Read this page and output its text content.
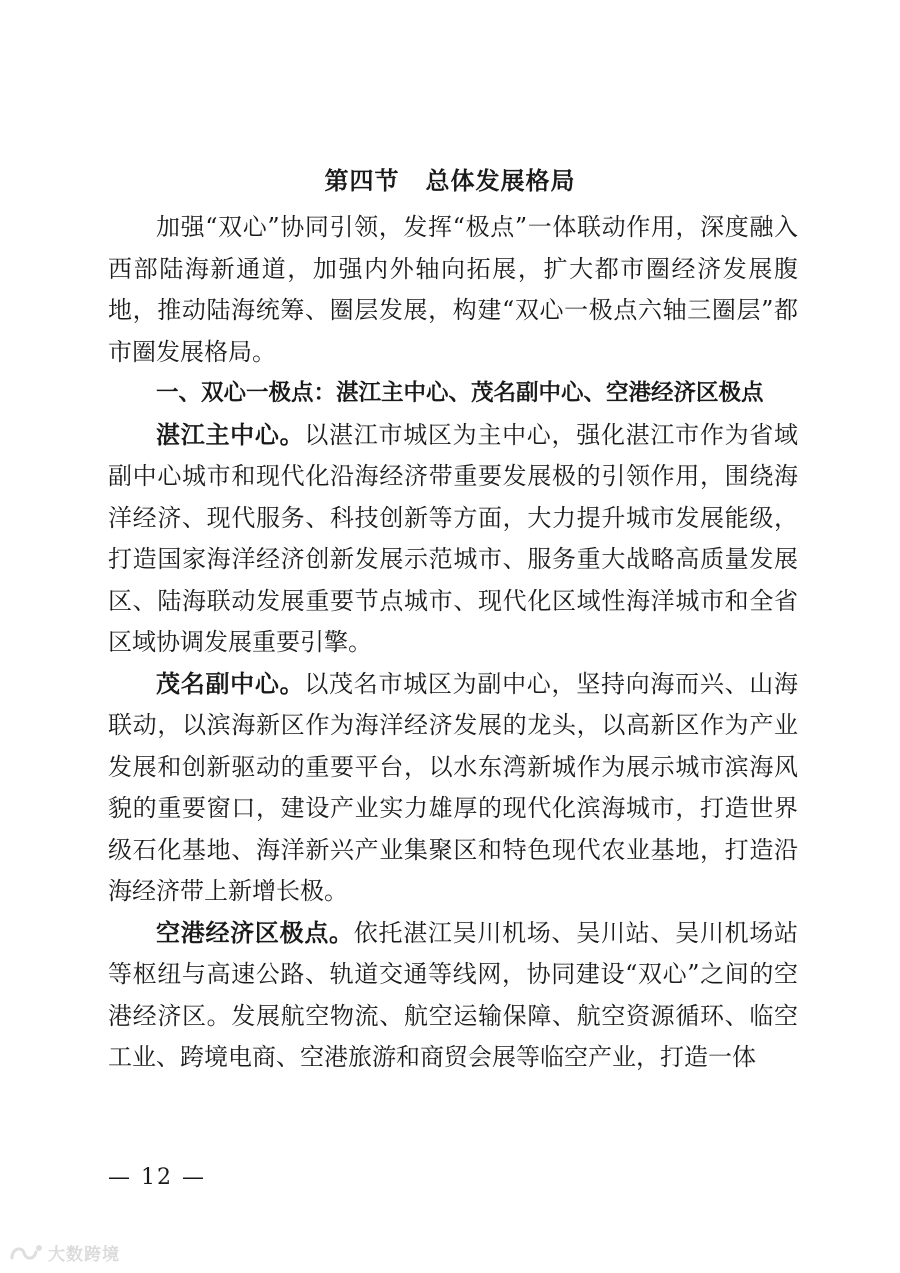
第四节 总体发展格局

加强“双心”协同引领，发挥“极点”一体联动作用，深度融入西部陆海新通道，加强内外轴向拓展，扩大都市圈经济发展腹地，推动陆海统筹、圈层发展，构建“双心一极点六轴三圈层”都市圈发展格局。

一、双心一极点：湛江主中心、茂名副中心、空港经济区极点

湛江主中心。以湛江市城区为主中心，强化湛江市作为省域副中心城市和现代化沿海经济带重要发展极的引领作用，围绕海洋经济、现代服务、科技创新等方面，大力提升城市发展能级，打造国家海洋经济创新发展示范城市、服务重大战略高质量发展区、陆海联动发展重要节点城市、现代化区域性海洋城市和全省区域协调发展重要引擎。

茂名副中心。以茂名市城区为副中心，坚持向海而兴、山海联动，以滨海新区作为海洋经济发展的龙头，以高新区作为产业发展和创新驱动的重要平台，以水东湾新城作为展示城市滨海风貌的重要窗口，建设产业实力雄厚的现代化滨海城市，打造世界级石化基地、海洋新兴产业集聚区和特色现代农业基地，打造沿海经济带上新增长极。

空港经济区极点。依托湛江吴川机场、吴川站、吴川机场站等枢纽与高速公路、轨道交通等线网，协同建设“双心”之间的空港经济区。发展航空物流、航空运输保障、航空资源循环、临空工业、跨境电商、空港旅游和商贸会展等临空产业，打造一体

— 12 —
大数跨境
